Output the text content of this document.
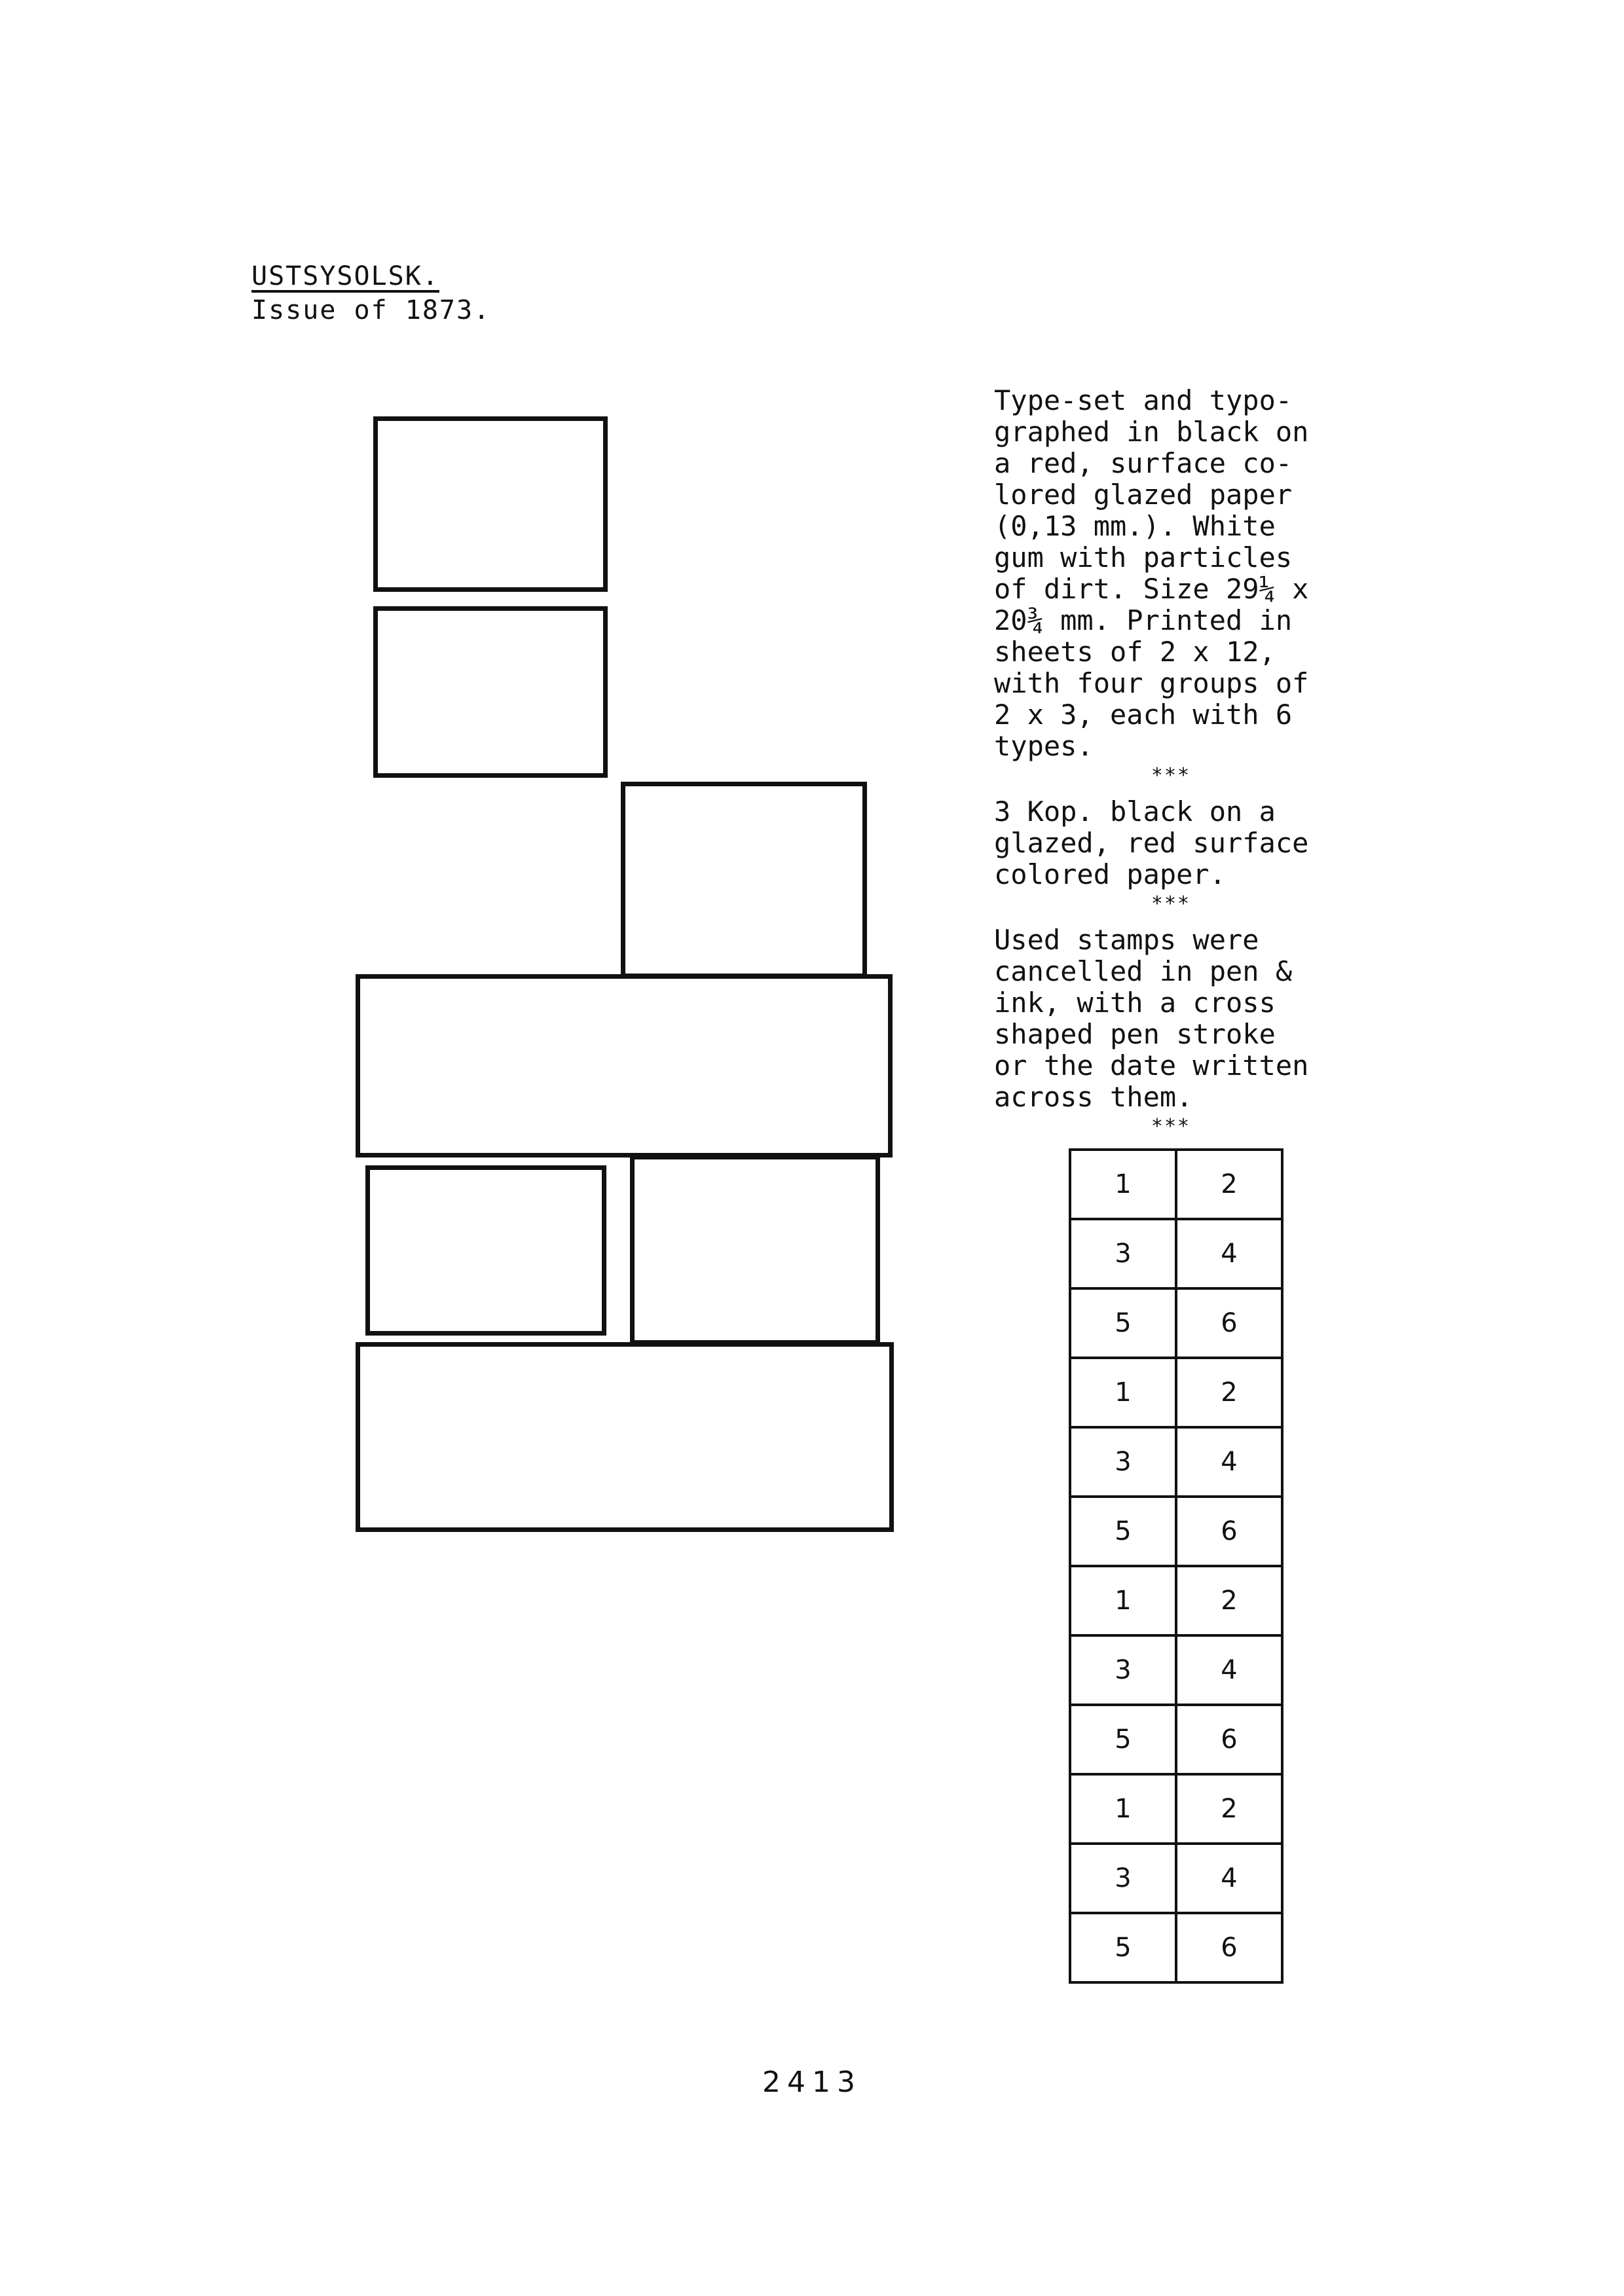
USTSYSOLSK.
Issue of 1873.

Type-set and typo-
graphed in black on
a red, surface co-
lored glazed paper
(0,13 mm.). White
gum with particles
of dirt. Size 29¼ x
20¾ mm. Printed in
sheets of 2 x 12,
with four groups of
2 x 3, each with 6
types.

***

3 Kop. black on a
glazed, red surface
colored paper.

***

Used stamps were
cancelled in pen &
ink, with a cross
shaped pen stroke
or the date written
across them.

***
1	2
3	4
5	6
1	2
3	4
5	6
1	2
3	4
5	6
1	2
3	4
5	6
2413
